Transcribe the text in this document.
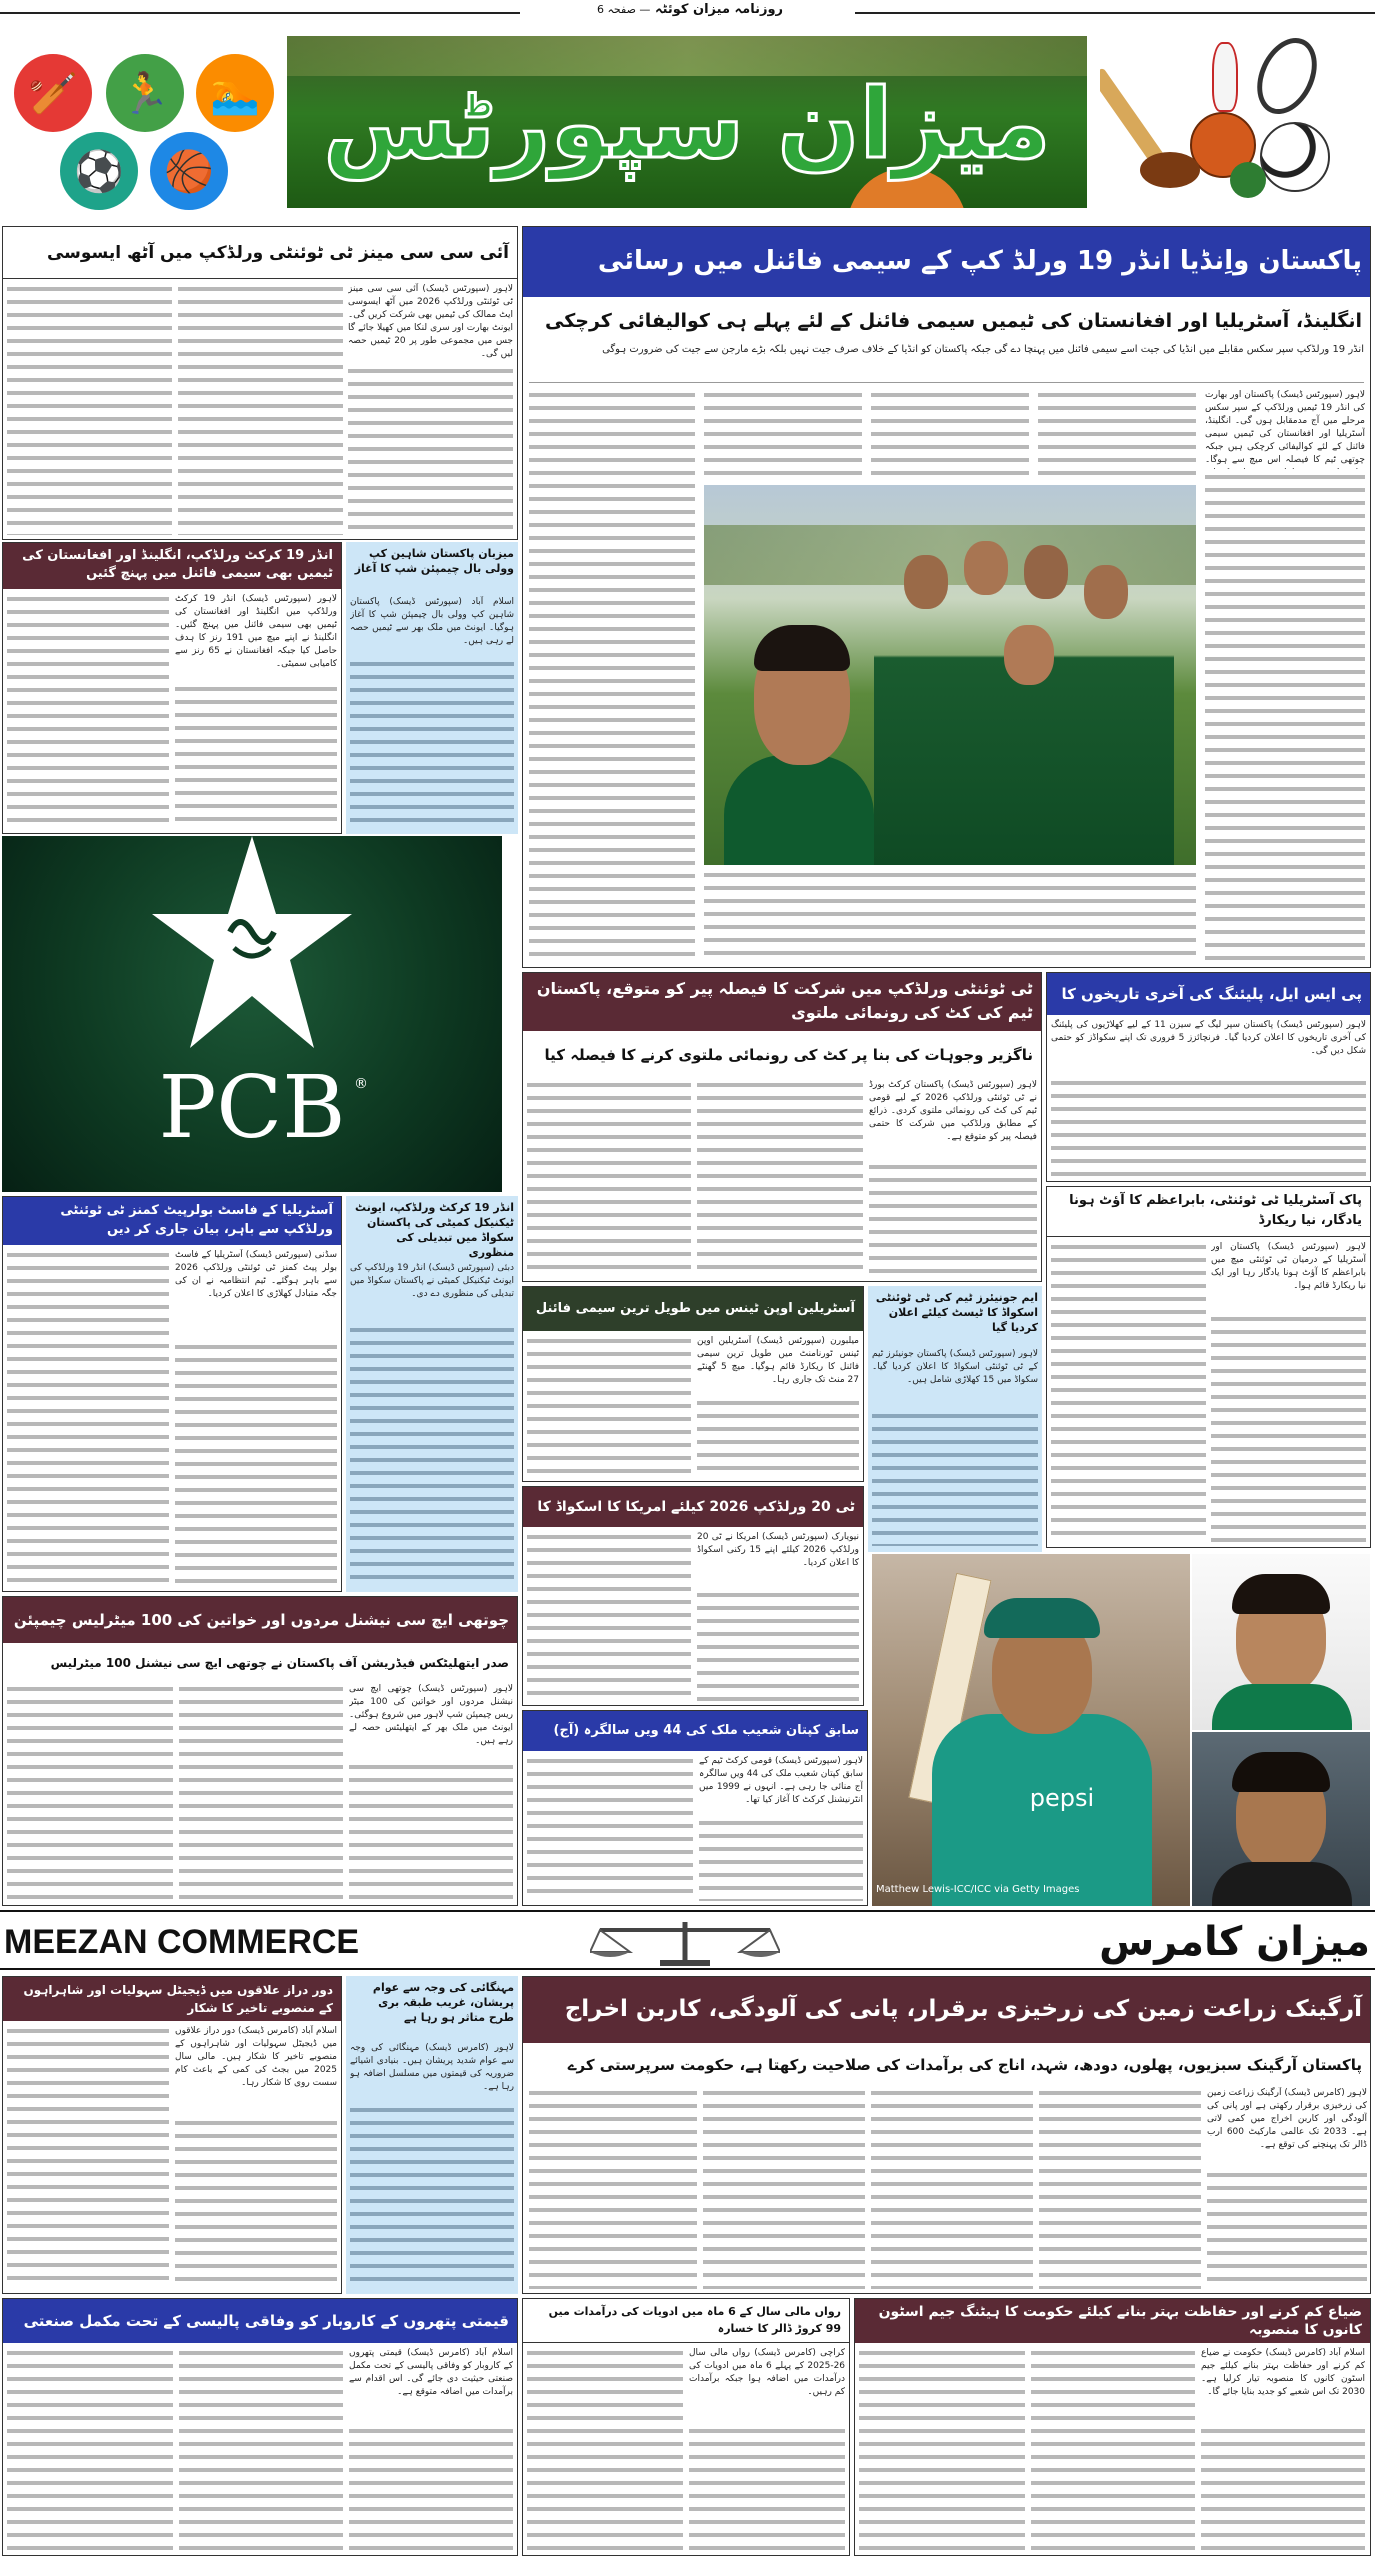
روزنامہ میزان کوئٹہ — صفحہ 6
🏏	🏃	🏊
⚽	🏀	میزان سپورٹس
پاکستان واِنڈیا انڈر 19 ورلڈ کپ کے سیمی فائنل میں رسائی
انگلینڈ، آسٹریلیا اور افغانستان کی ٹیمیں سیمی فائنل کے لئے پہلے ہی کوالیفائی کرچکی
انڈر 19 ورلڈکپ سپر سکس مقابلے میں انڈیا کی جیت اسے سیمی فائنل میں پہنچا دے گی جبکہ پاکستان کو انڈیا کے خلاف صرف جیت نہیں بلکہ بڑے مارجن سے جیت کی ضرورت ہوگی
لاہور (سپورٹس ڈیسک) پاکستان اور بھارت کی انڈر 19 ٹیمیں ورلڈکپ کے سپر سکس مرحلے میں آج مدمقابل ہوں گی۔ انگلینڈ، آسٹریلیا اور افغانستان کی ٹیمیں سیمی فائنل کے لئے کوالیفائی کرچکی ہیں جبکہ چوتھی ٹیم کا فیصلہ اس میچ سے ہوگا۔
آئی سی سی مینز ٹی ٹوئنٹی ورلڈکپ میں آٹھ ایسوسی
لاہور (سپورٹس ڈیسک) آئی سی سی مینز ٹی ٹوئنٹی ورلڈکپ 2026 میں آٹھ ایسوسی ایٹ ممالک کی ٹیمیں بھی شرکت کریں گی۔ ایونٹ بھارت اور سری لنکا میں کھیلا جائے گا جس میں مجموعی طور پر 20 ٹیمیں حصہ لیں گی۔
انڈر 19 کرکٹ ورلڈکپ، انگلینڈ اور افغانستان کی ٹیمیں بھی سیمی فائنل میں پہنچ گئیں
لاہور (سپورٹس ڈیسک) انڈر 19 کرکٹ ورلڈکپ میں انگلینڈ اور افغانستان کی ٹیمیں بھی سیمی فائنل میں پہنچ گئیں۔ انگلینڈ نے اپنے میچ میں 191 رنز کا ہدف حاصل کیا جبکہ افغانستان نے 65 رنز سے کامیابی سمیٹی۔
میزبان پاکستان شاہین کپ وولی بال چیمپئن شپ کا آغاز
اسلام آباد (سپورٹس ڈیسک) پاکستان شاہین کپ وولی بال چیمپئن شپ کا آغاز ہوگیا۔ ایونٹ میں ملک بھر سے ٹیمیں حصہ لے رہی ہیں۔
PCB ®
پی ایس ایل، پلیئنگ کی آخری تاریخوں کا
لاہور (سپورٹس ڈیسک) پاکستان سپر لیگ کے سیزن 11 کے لیے کھلاڑیوں کی پلیئنگ کی آخری تاریخوں کا اعلان کردیا گیا۔ فرنچائزز 5 فروری تک اپنے سکواڈز کو حتمی شکل دیں گی۔
ٹی ٹوئنٹی ورلڈکپ میں شرکت کا فیصلہ پیر کو متوقع، پاکستان ٹیم کی کٹ کی رونمائی ملتوی
ناگزیر وجوہات کی بنا پر کٹ کی رونمائی ملتوی کرنے کا فیصلہ کیا
لاہور (سپورٹس ڈیسک) پاکستان کرکٹ بورڈ نے ٹی ٹوئنٹی ورلڈکپ 2026 کے لیے قومی ٹیم کی کٹ کی رونمائی ملتوی کردی۔ ذرائع کے مطابق ورلڈکپ میں شرکت کا حتمی فیصلہ پیر کو متوقع ہے۔
پاک آسٹریلیا ٹی ٹوئنٹی، بابراعظم کا آؤٹ ہونا یادگار، نیا ریکارڈ
لاہور (سپورٹس ڈیسک) پاکستان اور آسٹریلیا کے درمیان ٹی ٹوئنٹی میچ میں بابراعظم کا آؤٹ ہونا یادگار رہا اور ایک نیا ریکارڈ قائم ہوا۔
آسٹریلیا کے فاسٹ بولرپیٹ کمنز ٹی ٹوئنٹی ورلڈکپ سے باہر، بیان جاری کر دیں
سڈنی (سپورٹس ڈیسک) آسٹریلیا کے فاسٹ بولر پیٹ کمنز ٹی ٹوئنٹی ورلڈکپ 2026 سے باہر ہوگئے۔ ٹیم انتظامیہ نے ان کی جگہ متبادل کھلاڑی کا اعلان کردیا۔
انڈر 19 کرکٹ ورلڈکپ، ایونٹ ٹیکنیکل کمیٹی کی پاکستان سکواڈ میں تبدیلی کی منظوری
دبئی (سپورٹس ڈیسک) انڈر 19 ورلڈکپ کی ایونٹ ٹیکنیکل کمیٹی نے پاکستان سکواڈ میں تبدیلی کی منظوری دے دی۔
آسٹریلین اوپن ٹینس میں طویل ترین سیمی فائنل
میلبورن (سپورٹس ڈیسک) آسٹریلین اوپن ٹینس ٹورنامنٹ میں طویل ترین سیمی فائنل کا ریکارڈ قائم ہوگیا۔ میچ 5 گھنٹے 27 منٹ تک جاری رہا۔
ایم جونیئرز ٹیم کی ٹی ٹوئنٹی اسکواڈ کا ٹیسٹ کیلئے اعلان کردیا گیا
لاہور (سپورٹس ڈیسک) پاکستان جونیئرز ٹیم کے ٹی ٹوئنٹی اسکواڈ کا اعلان کردیا گیا۔ سکواڈ میں 15 کھلاڑی شامل ہیں۔
ٹی 20 ورلڈکپ 2026 کیلئے امریکا کا اسکواڈ کا
نیویارک (سپورٹس ڈیسک) امریکا نے ٹی 20 ورلڈکپ 2026 کیلئے اپنے 15 رکنی اسکواڈ کا اعلان کردیا۔
pepsi
Matthew Lewis-ICC/ICC via Getty Images
چوتھی ایچ سی نیشنل مردوں اور خواتین کی 100 میٹرلیس چیمپئن
صدر ایتھلیٹکس فیڈریشن آف پاکستان نے چوتھی ایچ سی نیشنل 100 میٹرلیس
لاہور (سپورٹس ڈیسک) چوتھی ایچ سی نیشنل مردوں اور خواتین کی 100 میٹر ریس چیمپئن شپ لاہور میں شروع ہوگئی۔ ایونٹ میں ملک بھر کے ایتھلیٹس حصہ لے رہے ہیں۔
سابق کپتان شعیب ملک کی 44 ویں سالگرہ (آج)
لاہور (سپورٹس ڈیسک) قومی کرکٹ ٹیم کے سابق کپتان شعیب ملک کی 44 ویں سالگرہ آج منائی جا رہی ہے۔ انہوں نے 1999 میں انٹرنیشنل کرکٹ کا آغاز کیا تھا۔
MEEZAN COMMERCE	میزان کامرس
آرگینک زراعت زمین کی زرخیزی برقرار، پانی کی آلودگی، کاربن اخراج
پاکستان آرگینک سبزیوں، پھلوں، دودھ، شہد، اناج کی برآمدات کی صلاحیت رکھتا ہے، حکومت سرپرستی کرے
لاہور (کامرس ڈیسک) آرگینک زراعت زمین کی زرخیزی برقرار رکھتی ہے اور پانی کی آلودگی اور کاربن اخراج میں کمی لاتی ہے۔ 2033 تک عالمی مارکیٹ 600 ارب ڈالر تک پہنچنے کی توقع ہے۔
دور دراز علاقوں میں ڈیجیٹل سہولیات اور شاہراہوں کے منصوبے تاخیر کا شکار
اسلام آباد (کامرس ڈیسک) دور دراز علاقوں میں ڈیجیٹل سہولیات اور شاہراہوں کے منصوبے تاخیر کا شکار ہیں۔ مالی سال 2025 میں بجٹ کی کمی کے باعث کام سست روی کا شکار رہا۔
مہنگائی کی وجہ سے عوام پریشان، غریب طبقہ بری طرح متاثر ہو رہا ہے
لاہور (کامرس ڈیسک) مہنگائی کی وجہ سے عوام شدید پریشان ہیں۔ بنیادی اشیائے ضروریہ کی قیمتوں میں مسلسل اضافہ ہو رہا ہے۔
قیمتی پتھروں کے کاروبار کو وفاقی پالیسی کے تحت مکمل صنعتی
اسلام آباد (کامرس ڈیسک) قیمتی پتھروں کے کاروبار کو وفاقی پالیسی کے تحت مکمل صنعتی حیثیت دی جائے گی۔ اس اقدام سے برآمدات میں اضافہ متوقع ہے۔
رواں مالی سال کے 6 ماہ میں ادویات کی درآمدات میں 99 کروڑ ڈالر کا خسارہ
کراچی (کامرس ڈیسک) رواں مالی سال 26-2025 کے پہلے 6 ماہ میں ادویات کی درآمدات میں اضافہ ہوا جبکہ برآمدات کم رہیں۔
ضیاع کم کرنے اور حفاظت بہتر بنانے کیلئے حکومت کا ہیٹنگ جیم اسٹون کانوں کا منصوبہ
اسلام آباد (کامرس ڈیسک) حکومت نے ضیاع کم کرنے اور حفاظت بہتر بنانے کیلئے جیم اسٹون کانوں کا منصوبہ تیار کرلیا ہے۔ 2030 تک اس شعبے کو جدید بنایا جائے گا۔
